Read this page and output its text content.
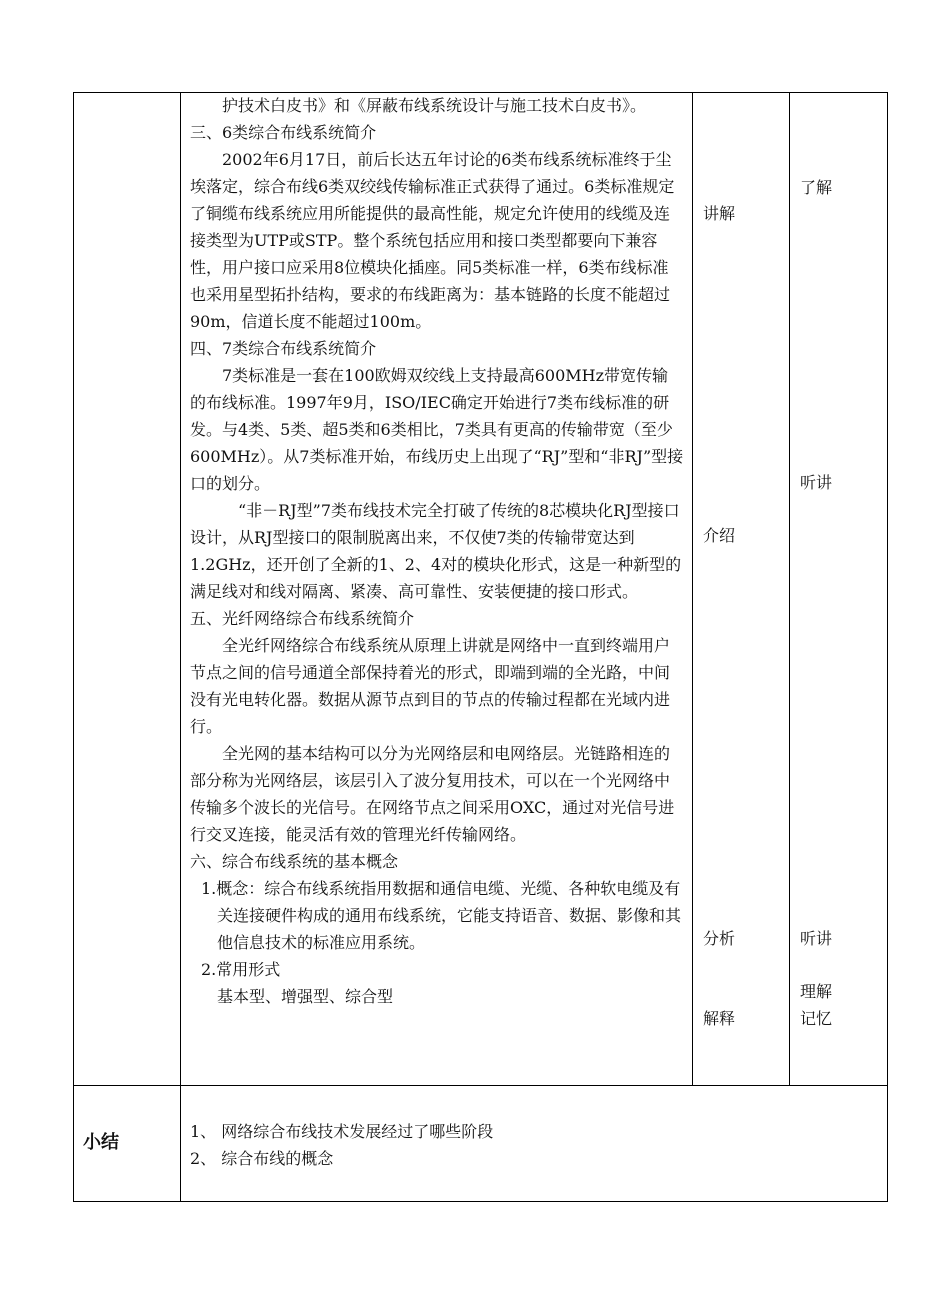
护技术白皮书》和《屏蔽布线系统设计与施工技术白皮书》。

三、6类综合布线系统简介

2002年6月17日，前后长达五年讨论的6类布线系统标准终于尘埃落定，综合布线6类双绞线传输标准正式获得了通过。6类标准规定了铜缆布线系统应用所能提供的最高性能，规定允许使用的线缆及连接类型为UTP或STP。整个系统包括应用和接口类型都要向下兼容性，用户接口应采用8位模块化插座。同5类标准一样，6类布线标准也采用星型拓扑结构，要求的布线距离为：基本链路的长度不能超过90m，信道长度不能超过100m。

四、7类综合布线系统简介

7类标准是一套在100欧姆双绞线上支持最高600MHz带宽传输的布线标准。1997年9月，ISO/IEC确定开始进行7类布线标准的研发。与4类、5类、超5类和6类相比，7类具有更高的传输带宽（至少600MHz）。从7类标准开始，布线历史上出现了“RJ”型和“非RJ”型接口的划分。

“非－RJ型”7类布线技术完全打破了传统的8芯模块化RJ型接口设计，从RJ型接口的限制脱离出来，不仅使7类的传输带宽达到1.2GHz，还开创了全新的1、2、4对的模块化形式，这是一种新型的满足线对和线对隔离、紧凑、高可靠性、安装便捷的接口形式。

五、光纤网络综合布线系统简介

全光纤网络综合布线系统从原理上讲就是网络中一直到终端用户节点之间的信号通道全部保持着光的形式，即端到端的全光路，中间没有光电转化器。数据从源节点到目的节点的传输过程都在光域内进行。

全光网的基本结构可以分为光网络层和电网络层。光链路相连的部分称为光网络层，该层引入了波分复用技术，可以在一个光网络中传输多个波长的光信号。在网络节点之间采用OXC，通过对光信号进行交叉连接，能灵活有效的管理光纤传输网络。

六、综合布线系统的基本概念

1.概念：综合布线系统指用数据和通信电缆、光缆、各种软电缆及有关连接硬件构成的通用布线系统，它能支持语音、数据、影像和其他信息技术的标准应用系统。

2.常用形式

基本型、增强型、综合型

讲解
介绍
分析
解释
了解
听讲
听讲
理解
记忆
小结

1、 网络综合布线技术发展经过了哪些阶段

2、 综合布线的概念
